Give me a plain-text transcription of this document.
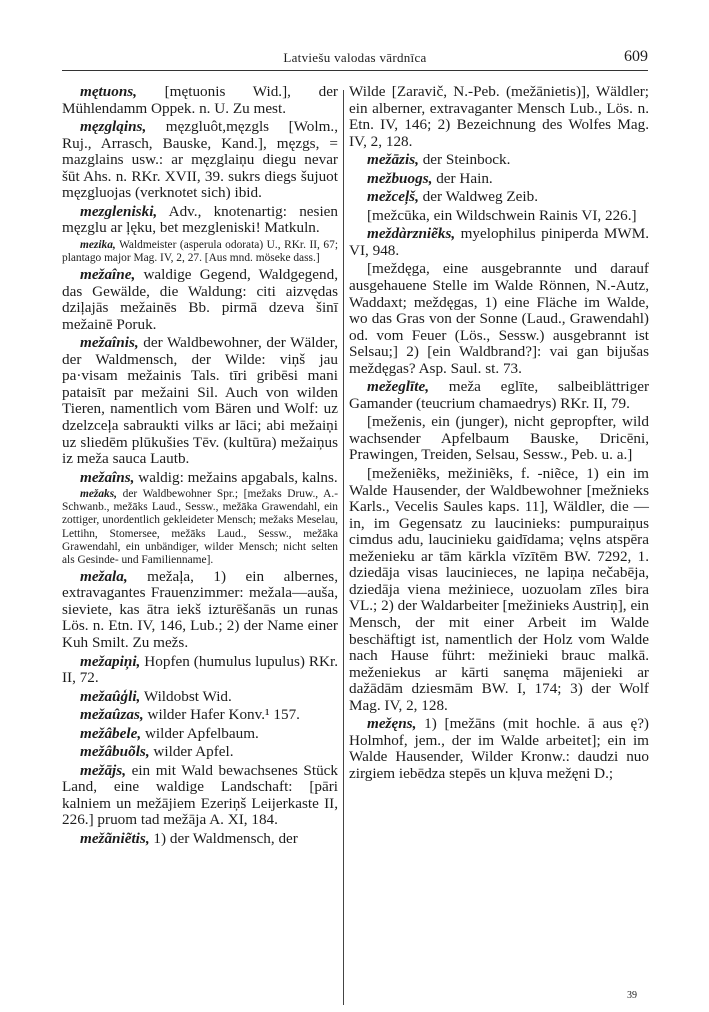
Latviešu valodas vārdnīca	609

mętuons, [mętuonis Wid.], der Mühlendamm Oppek. n. U. Zu mest.

męzgląins, męzgluôt,męzgls [Wolm., Ruj., Arrasch, Bauske, Kand.], męzgs, = mazglains usw.: ar męzglaiņu diegu nevar šūt Ahs. n. RKr. XVII, 39. sukrs diegs šujuot męzgluojas (verknotet sich) ibid.

mezgleniski, Adv., knotenartig: nesien męzglu ar ļęku, bet mezgleniski! Matkuln.

mezika, Waldmeister (asperula odorata) U., RKr. II, 67; plantago major Mag. IV, 2, 27. [Aus mnd. möseke dass.]

mežaîne, waldige Gegend, Waldgegend, das Gewälde, die Waldung: citi aizvędas dziļajās mežainēs Bb. pirmā dzeva šinī mežainē Poruk.

mežaînis, der Waldbewohner, der Wälder, der Waldmensch, der Wilde: viņš jau pa·visam mežainis Tals. tīri gribēsi mani pataisīt par mežaini Sil. Auch von wilden Tieren, namentlich vom Bären und Wolf: uz dzelzceļa sabraukti vilks ar lāci; abi mežaiņi uz sliedēm plūkušies Tēv. (kultūra) mežaiņus iz meža sauca Lautb.

mežaîns, waldig: mežains apgabals, kalns.

mežaks, der Waldbewohner Spr.; [mežaks Druw., A.-Schwanb., mežāks Laud., Sessw., mežāka Grawendahl, ein zottiger, unordentlich gekleideter Mensch; mežaks Meselau, Lettihn, Stomersee, mežāks Laud., Sessw., mežāka Grawendahl, ein unbändiger, wilder Mensch; nicht selten als Gesinde- und Familienname].

mežala, mežaļa, 1) ein albernes, extravagantes Frauenzimmer: mežala—auša, sieviete, kas ātra iekš izturēšanās un runas Lös. n. Etn. IV, 146, Lub.; 2) der Name einer Kuh Smilt. Zu mežs.

mežapiņi, Hopfen (humulus lupulus) RKr. II, 72.

mežaûģli, Wildobst Wid.

mežaûzas, wilder Hafer Konv.¹ 157.

mežâbele, wilder Apfelbaum.

mežâbuõls, wilder Apfel.

mežājs, ein mit Wald bewachsenes Stück Land, eine waldige Landschaft: [pāri kalniem un mežājiem Ezeriņš Leijerkaste II, 226.] pruom tad mežāja A. XI, 184.

mežãniẽtis, 1) der Waldmensch, der

Wilde [Zaravič, N.-Peb. (mežānietis)], Wäldler; ein alberner, extravaganter Mensch Lub., Lös. n. Etn. IV, 146; 2) Bezeichnung des Wolfes Mag. IV, 2, 128.

mežāzis, der Steinbock.

mežbuogs, der Hain.

mežceļš, der Waldweg Zeib.

[mežcūka, ein Wildschwein Rainis VI, 226.]

meždàrzniẽks, myelophilus piniperda MWM. VI, 948.

[meždęga, eine ausgebrannte und darauf ausgehauene Stelle im Walde Rönnen, N.-Autz, Waddaxt; meždęgas, 1) eine Fläche im Walde, wo das Gras von der Sonne (Laud., Grawendahl) od. vom Feuer (Lös., Sessw.) ausgebrannt ist Selsau;] 2) [ein Waldbrand?]: vai gan bijušas meždęgas? Asp. Saul. st. 73.

mežeglīte, meža eglīte, salbeiblättriger Gamander (teucrium chamaedrys) RKr. II, 79.

[meženis, ein (junger), nicht gepropfter, wild wachsender Apfelbaum Bauske, Dricēni, Prawingen, Treiden, Selsau, Sessw., Peb. u. a.]

[meženiẽks, mežiniẽks, f. -niẽce, 1) ein im Walde Hausender, der Waldbewohner [mežnieks Karls., Vecelis Saules kaps. 11], Wäldler, die — in, im Gegensatz zu laucinieks: pumpuraiņus cimdus adu, laucinieku gaidīdama; vęlns atspēra meženieku ar tām kārkla vīzītēm BW. 7292, 1. dziedāja visas laucinieces, ne lapiņa nečabēja, dziedāja viena meżiniece, uozuolam zīles bira VL.; 2) der Waldarbeiter [mežinieks Austriņ], ein Mensch, der mit einer Arbeit im Walde beschäftigt ist, namentlich der Holz vom Walde nach Hause führt: mežinieki brauc malkā. meženiekus ar kārti sanęma mājenieki ar dažādām dziesmām BW. I, 174; 3) der Wolf Mag. IV, 2, 128.

mežęns, 1) [mežāns (mit hochle. ā aus ę?) Holmhof, jem., der im Walde arbeitet]; ein im Walde Hausender, Wilder Kronw.: daudzi nuo zirgiem iebēdza stepēs un kļuva mežęni D.;

39
